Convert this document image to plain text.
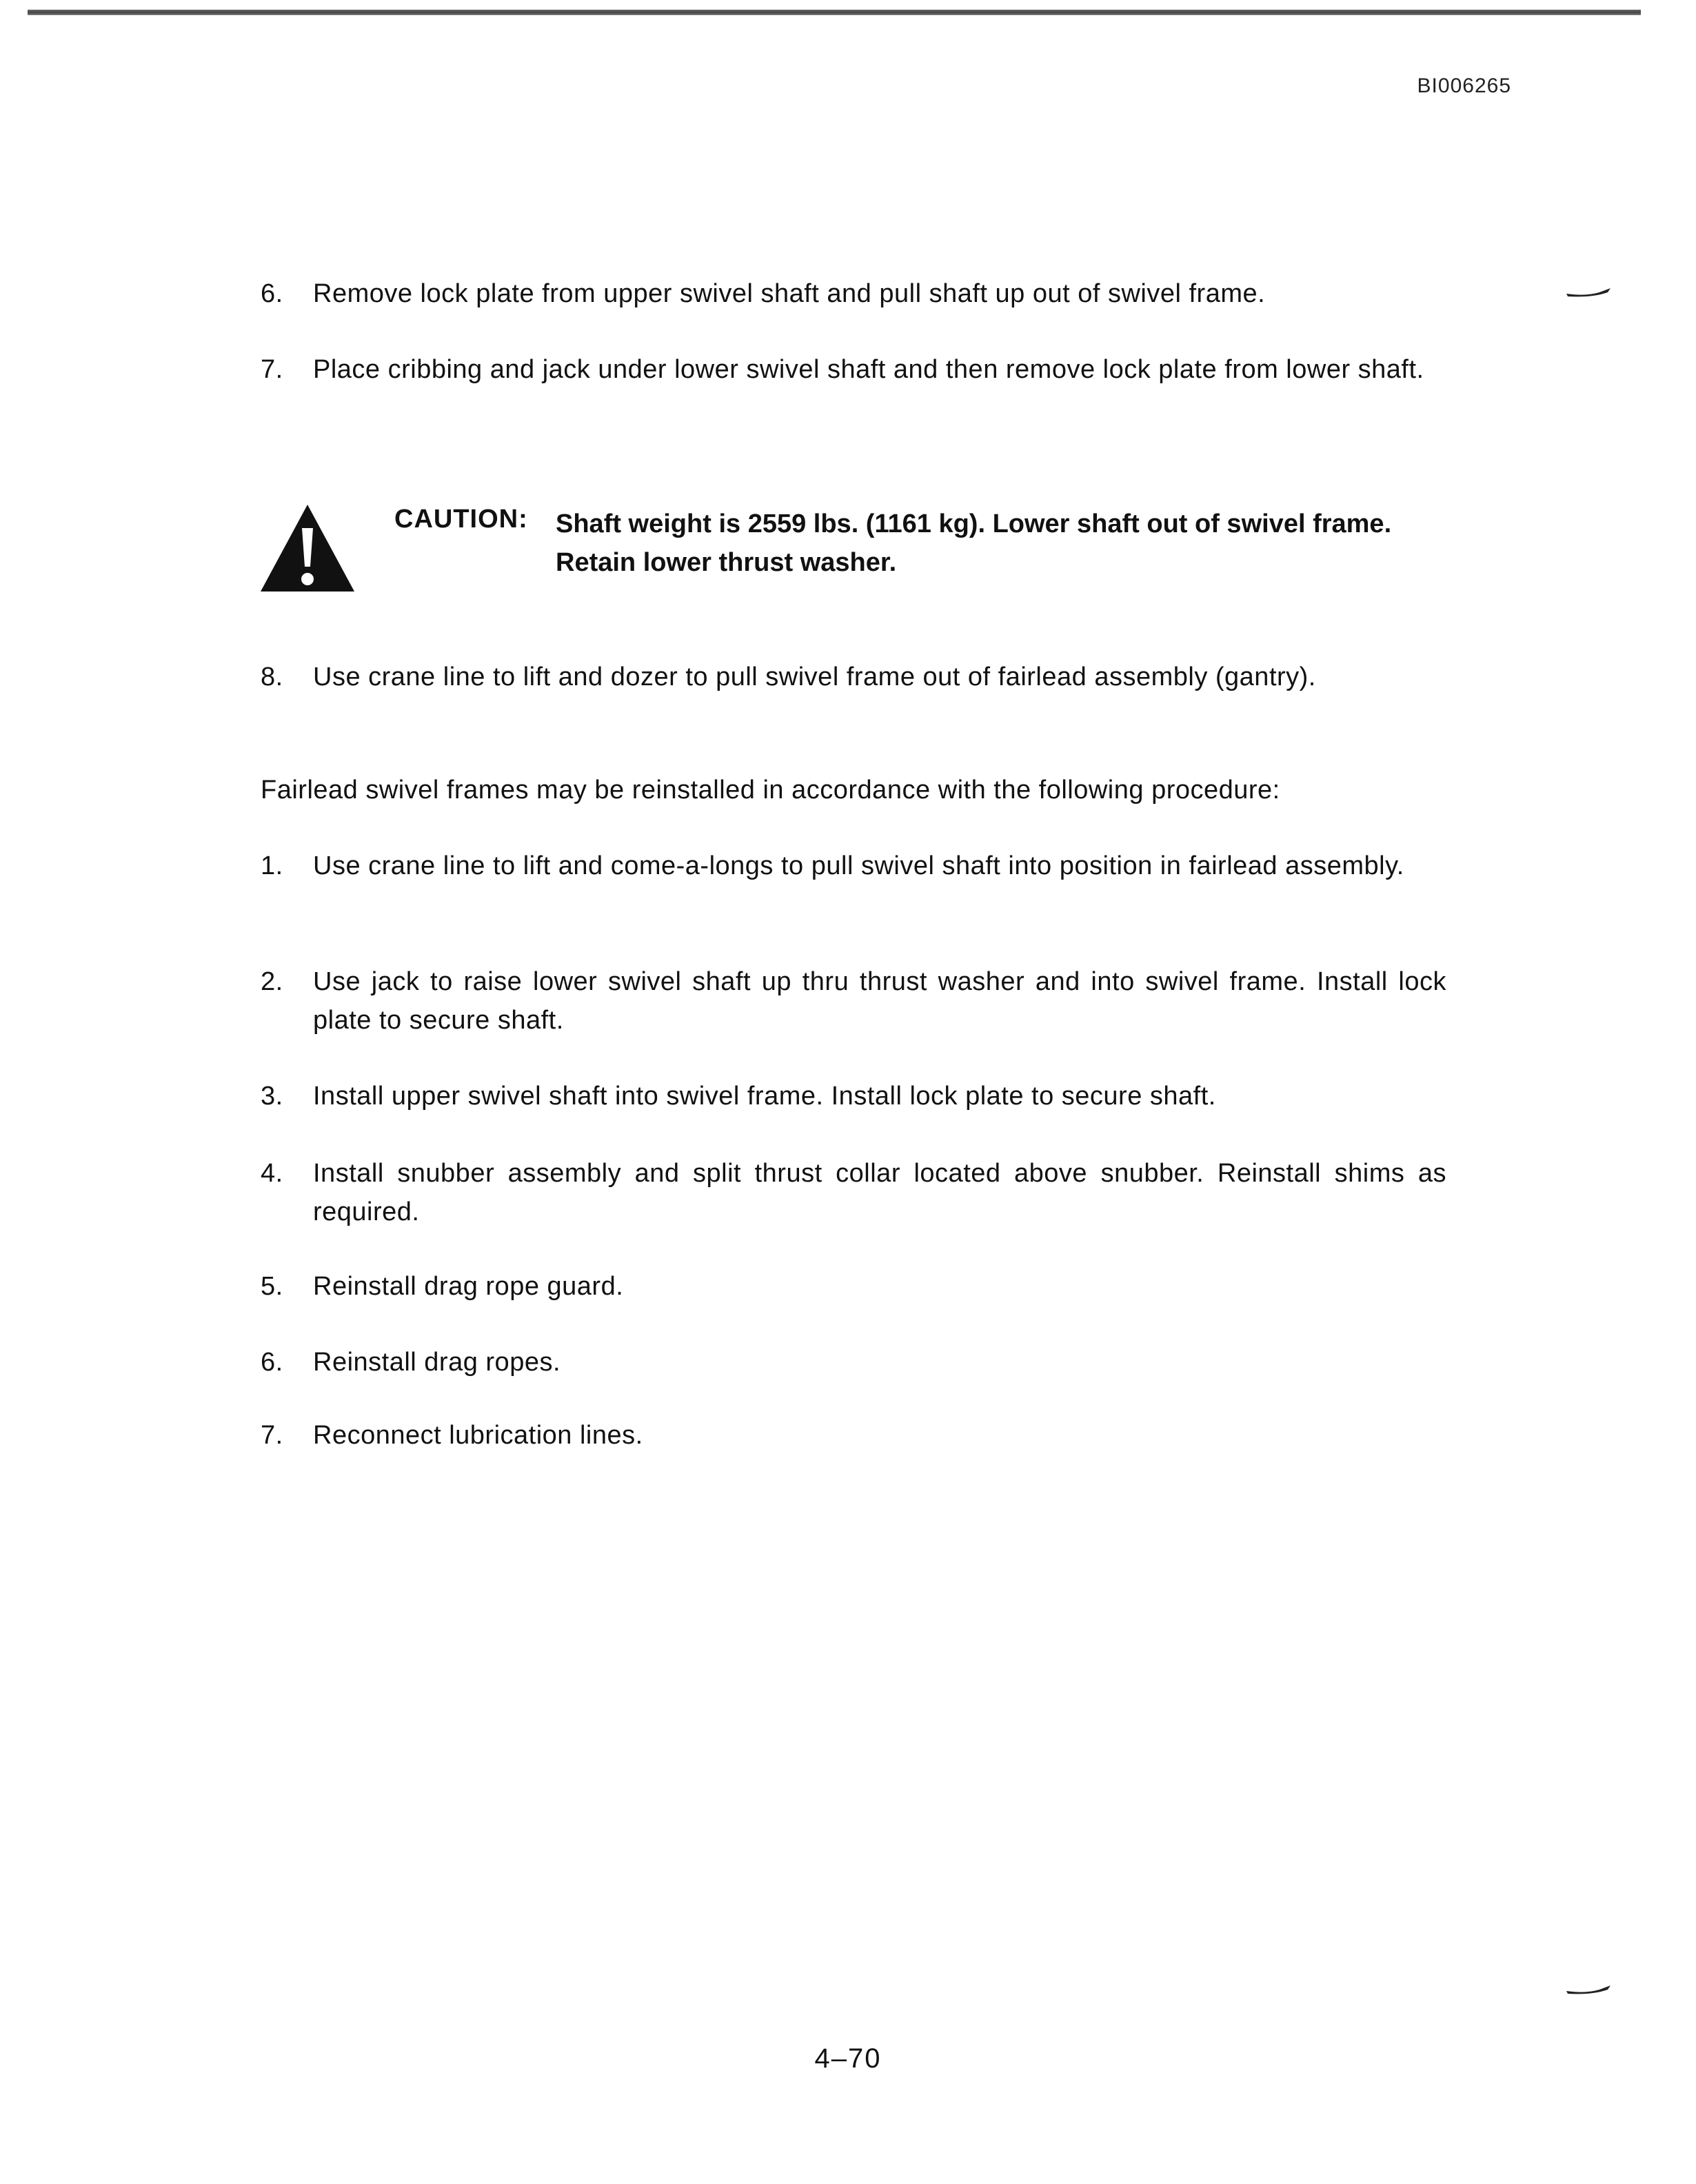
BI006265
6.	Remove lock plate from upper swivel shaft and pull shaft up out of swivel frame.
7.	Place cribbing and jack under lower swivel shaft and then remove lock plate from lower shaft.
CAUTION: Shaft weight is 2559 lbs. (1161 kg). Lower shaft out of swivel frame. Retain lower thrust washer.
8.	Use crane line to lift and dozer to pull swivel frame out of fairlead assembly (gantry).
Fairlead swivel frames may be reinstalled in accordance with the following procedure:
1.	Use crane line to lift and come-a-longs to pull swivel shaft into position in fairlead assembly.
2.	Use jack to raise lower swivel shaft up thru thrust washer and into swivel frame. Install lock plate to secure shaft.
3.	Install upper swivel shaft into swivel frame. Install lock plate to secure shaft.
4.	Install snubber assembly and split thrust collar located above snubber. Reinstall shims as required.
5.	Reinstall drag rope guard.
6.	Reinstall drag ropes.
7.	Reconnect lubrication lines.
4–70
